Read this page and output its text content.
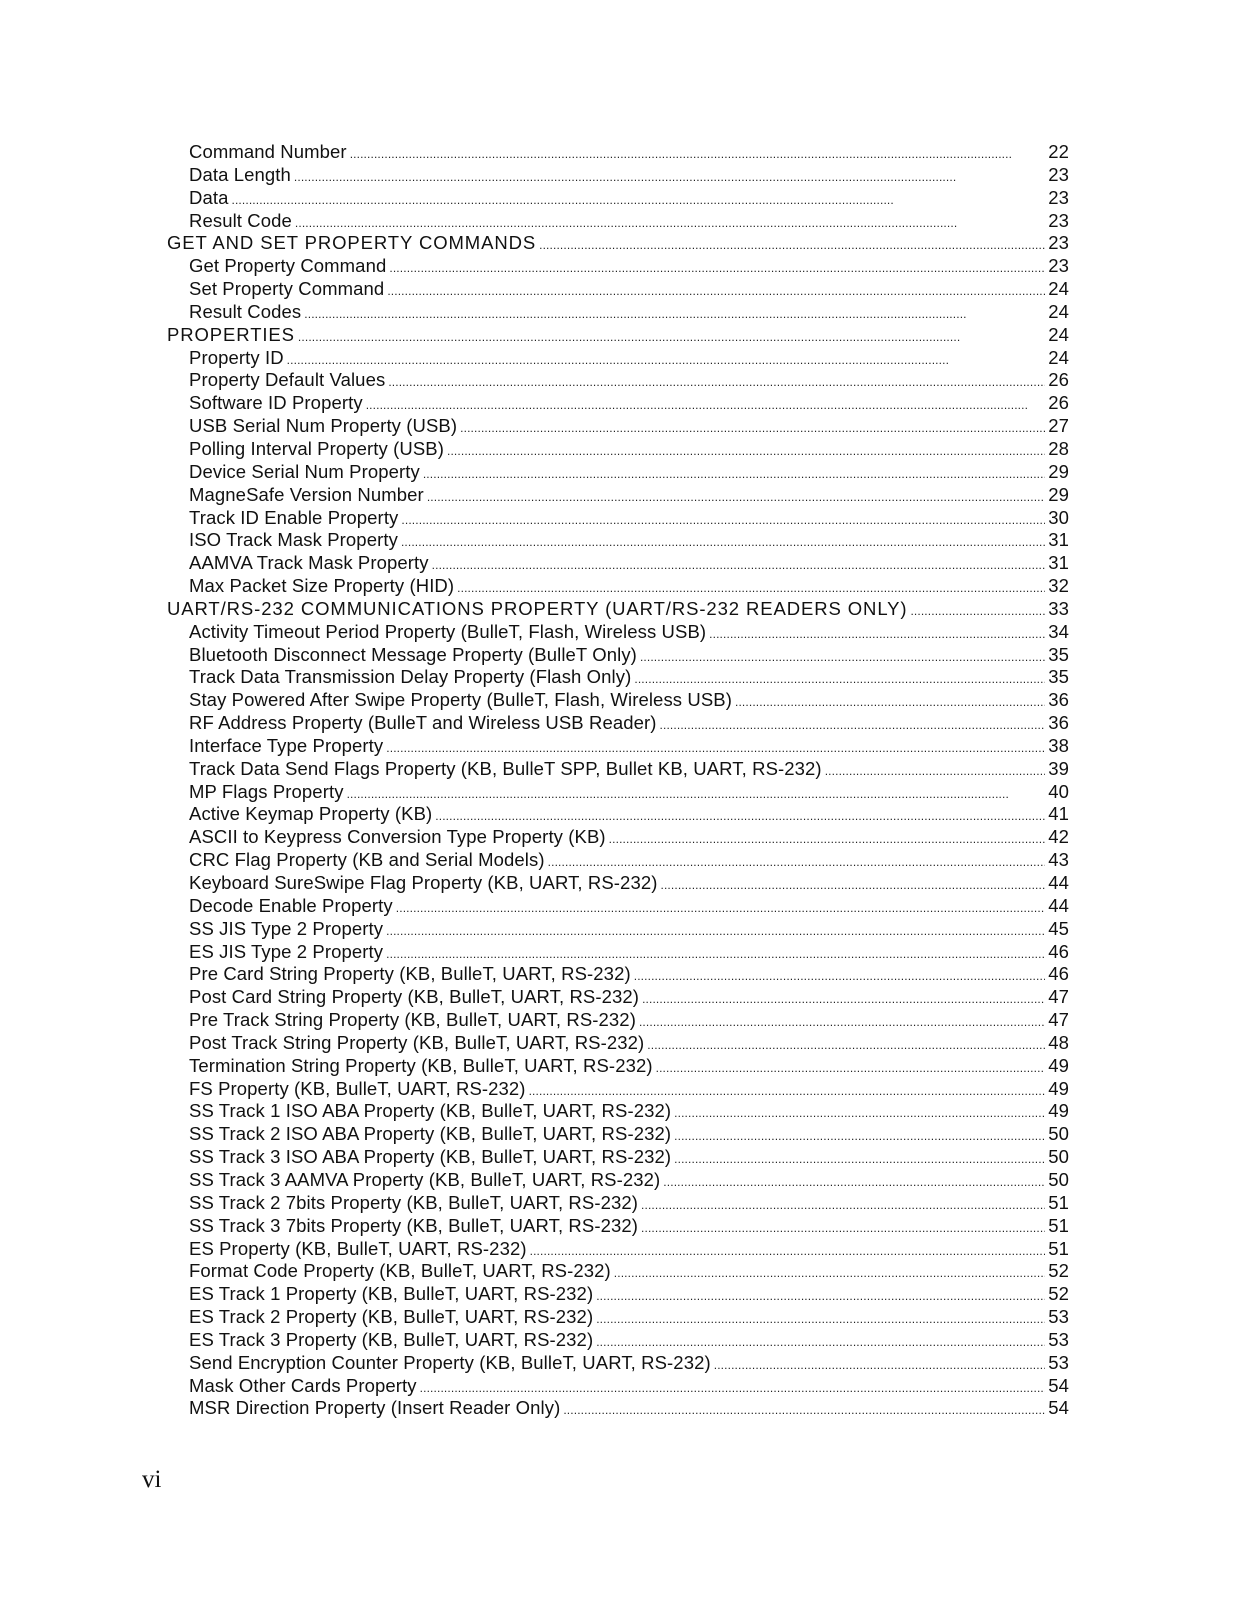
Command Number . . .	22
Data Length . . .	23
Data . . .	23
Result Code . . .	23
GET AND SET PROPERTY COMMANDS . . .	23
Get Property Command . . .	23
Set Property Command . . .	24
Result Codes . . .	24
PROPERTIES . . .	24
Property ID . . .	24
Property Default Values . . .	26
Software ID Property . . .	26
USB Serial Num Property (USB) . . .	27
Polling Interval Property (USB) . . .	28
Device Serial Num Property . . .	29
MagneSafe Version Number . . .	29
Track ID Enable Property . . .	30
ISO Track Mask Property . . .	31
AAMVA Track Mask Property . . .	31
Max Packet Size Property (HID) . . .	32
UART/RS-232 COMMUNICATIONS PROPERTY (UART/RS-232 READERS ONLY) . . .	33
Activity Timeout Period Property (BulleT, Flash, Wireless USB) . . .	34
Bluetooth Disconnect Message Property (BulleT Only) . . .	35
Track Data Transmission Delay Property (Flash Only) . . .	35
Stay Powered After Swipe Property (BulleT, Flash, Wireless USB) . . .	36
RF Address Property (BulleT and Wireless USB Reader) . . .	36
Interface Type Property . . .	38
Track Data Send Flags Property (KB, BulleT SPP, Bullet KB, UART, RS-232) . . .	39
MP Flags Property . . .	40
Active Keymap Property (KB) . . .	41
ASCII to Keypress Conversion Type Property (KB) . . .	42
CRC Flag Property (KB and Serial Models) . . .	43
Keyboard SureSwipe Flag Property (KB, UART, RS-232) . . .	44
Decode Enable Property . . .	44
SS JIS Type 2 Property . . .	45
ES JIS Type 2 Property . . .	46
Pre Card String Property (KB, BulleT, UART, RS-232) . . .	46
Post Card String Property (KB, BulleT, UART, RS-232) . . .	47
Pre Track String Property (KB, BulleT, UART, RS-232) . . .	47
Post Track String Property (KB, BulleT, UART, RS-232) . . .	48
Termination String Property (KB, BulleT, UART, RS-232) . . .	49
FS Property (KB, BulleT, UART, RS-232) . . .	49
SS Track 1 ISO ABA Property (KB, BulleT, UART, RS-232) . . .	49
SS Track 2 ISO ABA Property (KB, BulleT, UART, RS-232) . . .	50
SS Track 3 ISO ABA Property (KB, BulleT, UART, RS-232) . . .	50
SS Track 3 AAMVA Property (KB, BulleT, UART, RS-232) . . .	50
SS Track 2 7bits Property (KB, BulleT, UART, RS-232) . . .	51
SS Track 3 7bits Property (KB, BulleT, UART, RS-232) . . .	51
ES Property (KB, BulleT, UART, RS-232) . . .	51
Format Code Property (KB, BulleT, UART, RS-232) . . .	52
ES Track 1 Property (KB, BulleT, UART, RS-232) . . .	52
ES Track 2 Property (KB, BulleT, UART, RS-232) . . .	53
ES Track 3 Property (KB, BulleT, UART, RS-232) . . .	53
Send Encryption Counter Property (KB, BulleT, UART, RS-232) . . .	53
Mask Other Cards Property . . .	54
MSR Direction Property (Insert Reader Only) . . .	54
vi
